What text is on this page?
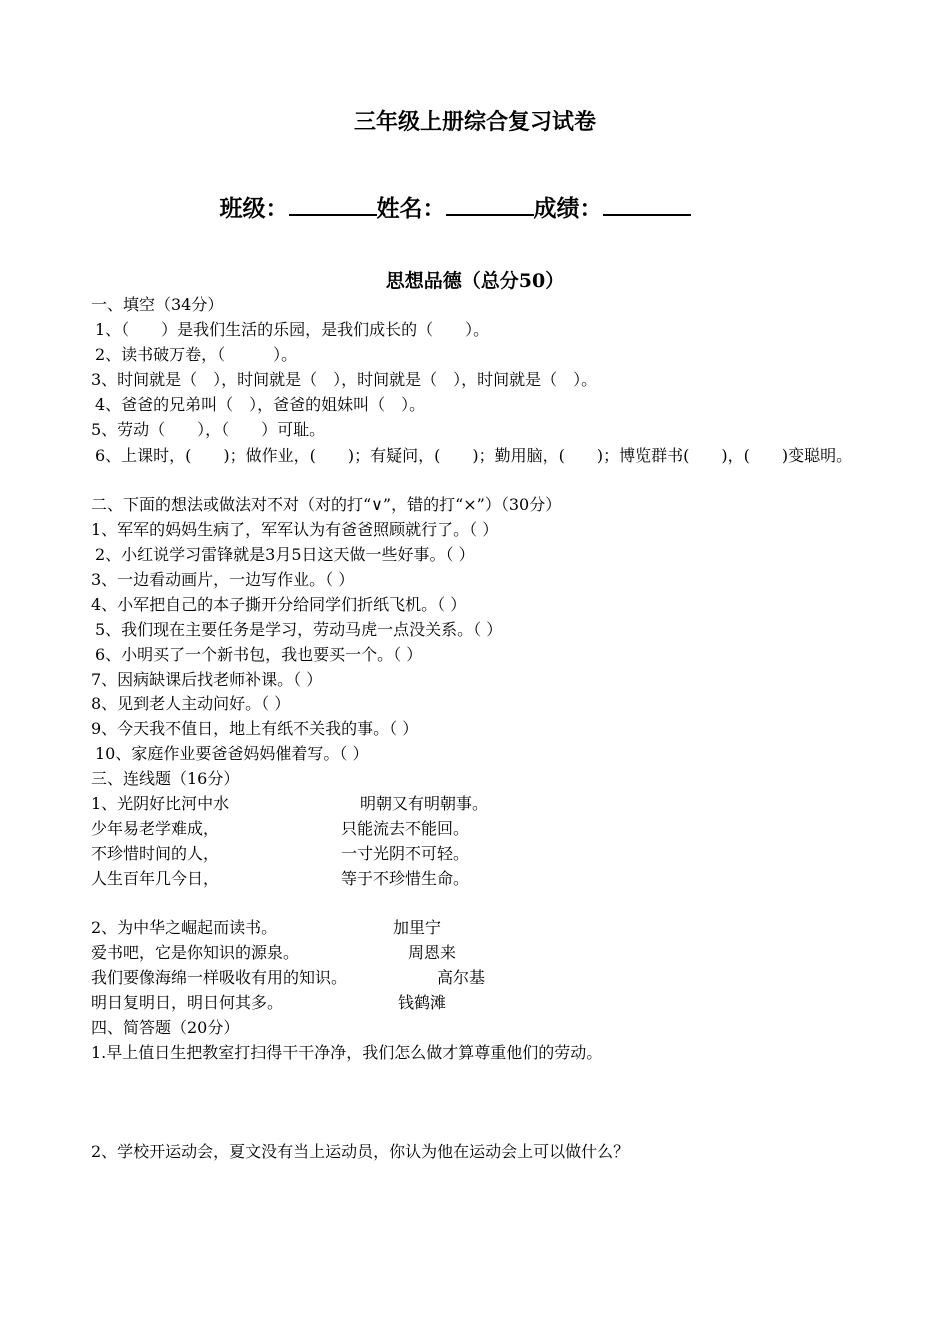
三年级上册综合复习试卷
班级：	姓名：	成绩：
思想品德（总分50）
一、填空（34分）
1、（　　）是我们生活的乐园，是我们成长的（　　）。
2、读书破万卷，（　　　）。
3、时间就是（　），时间就是（　），时间就是（　），时间就是（　）。
4、爸爸的兄弟叫（　），爸爸的姐妹叫（　）。
5、劳动（　　），（　　）可耻。
6、上课时，(　　)；做作业，(　　)；有疑问，(　　)；勤用脑，(　　)；博览群书(　　)，(　　)变聪明。
二、下面的想法或做法对不对（对的打“∨”，错的打“×”）（30分）
1、军军的妈妈生病了，军军认为有爸爸照顾就行了。（ ）
2、小红说学习雷锋就是3月5日这天做一些好事。（ ）
3、一边看动画片，一边写作业。（ ）
4、小军把自己的本子撕开分给同学们折纸飞机。（ ）
5、我们现在主要任务是学习，劳动马虎一点没关系。（ ）
6、小明买了一个新书包，我也要买一个。（ ）
7、因病缺课后找老师补课。（ ）
8、见到老人主动问好。（ ）
9、今天我不值日，地上有纸不关我的事。（ ）
10、家庭作业要爸爸妈妈催着写。（ ）
三、连线题（16分）
1、光阴好比河中水	明朝又有明朝事。
少年易老学难成，	只能流去不能回。
不珍惜时间的人，	一寸光阴不可轻。
人生百年几今日，	等于不珍惜生命。
2、为中华之崛起而读书。	加里宁
爱书吧，它是你知识的源泉。	周恩来
我们要像海绵一样吸收有用的知识。	高尔基
明日复明日，明日何其多。	钱鹤滩
四、简答题（20分）
1.早上值日生把教室打扫得干干净净，我们怎么做才算尊重他们的劳动。
2、学校开运动会，夏文没有当上运动员，你认为他在运动会上可以做什么？
